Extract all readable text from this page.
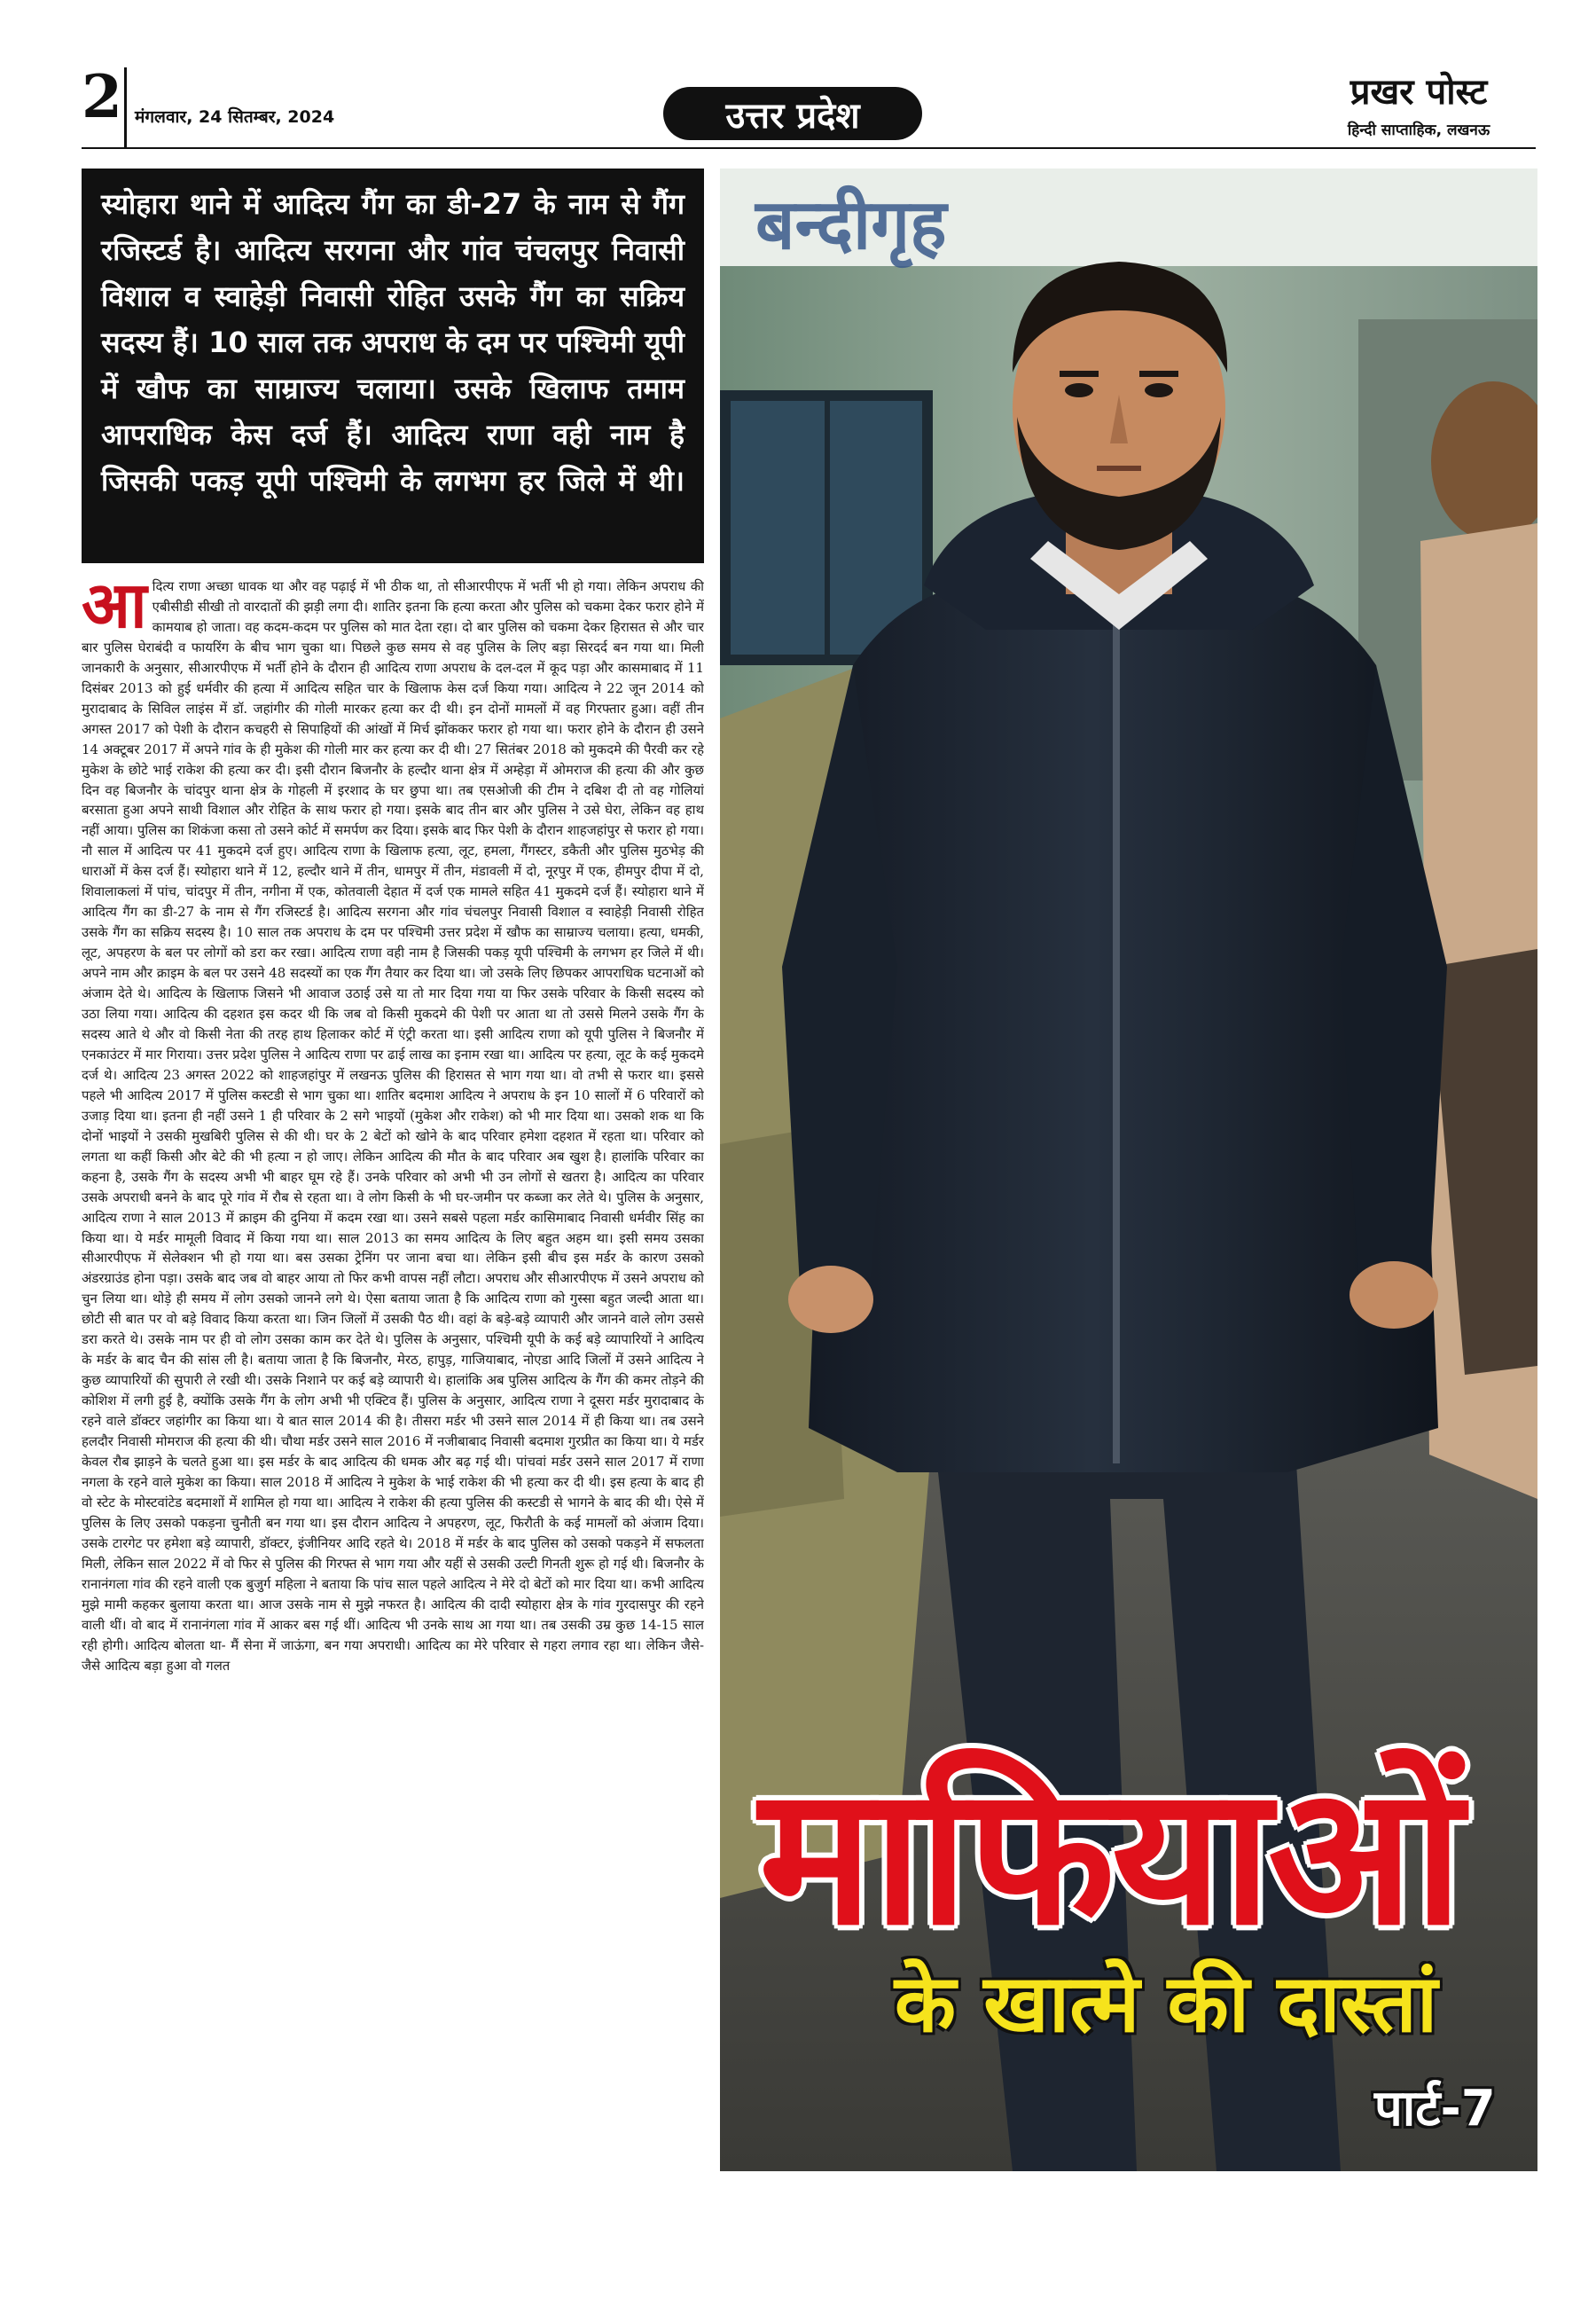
2 मंगलवार, 24 सितम्बर, 2024	उत्तर प्रदेश
प्रखर पोस्ट
हिन्दी साप्ताहिक, लखनऊ

स्योहारा थाने में आदित्य गैंग का डी-27 के नाम से गैंग रजिस्टर्ड है। आदित्य सरगना और गांव चंचलपुर निवासी विशाल व स्वाहेड़ी निवासी रोहित उसके गैंग का सक्रिय सदस्य हैं। 10 साल तक अपराध के दम पर पश्चिमी यूपी में खौफ का साम्राज्य चलाया। उसके खिलाफ तमाम आपराधिक केस दर्ज हैं। आदित्य राणा वही नाम है जिसकी पकड़ यूपी पश्चिमी के लगभग हर जिले में थी।

आ दित्य राणा अच्छा धावक था और वह पढ़ाई में भी ठीक था, तो सीआरपीएफ में भर्ती भी हो गया। लेकिन अपराध की एबीसीडी सीखी तो वारदातों की झड़ी लगा दी। शातिर इतना कि हत्या करता और पुलिस को चकमा देकर फरार होने में कामयाब हो जाता। वह कदम-कदम पर पुलिस को मात देता रहा। दो बार पुलिस को चकमा देकर हिरासत से और चार बार पुलिस घेराबंदी व फायरिंग के बीच भाग चुका था। पिछले कुछ समय से वह पुलिस के लिए बड़ा सिरदर्द बन गया था। मिली जानकारी के अनुसार, सीआरपीएफ में भर्ती होने के दौरान ही आदित्य राणा अपराध के दल-दल में कूद पड़ा और कासमाबाद में 11 दिसंबर 2013 को हुई धर्मवीर की हत्या में आदित्य सहित चार के खिलाफ केस दर्ज किया गया। आदित्य ने 22 जून 2014 को मुरादाबाद के सिविल लाइंस में डॉ. जहांगीर की गोली मारकर हत्या कर दी थी। इन दोनों मामलों में वह गिरफ्तार हुआ। वहीं तीन अगस्त 2017 को पेशी के दौरान कचहरी से सिपाहियों की आंखों में मिर्च झोंककर फरार हो गया था। फरार होने के दौरान ही उसने 14 अक्टूबर 2017 में अपने गांव के ही मुकेश की गोली मार कर हत्या कर दी थी। 27 सितंबर 2018 को मुकदमे की पैरवी कर रहे मुकेश के छोटे भाई राकेश की हत्या कर दी। इसी दौरान बिजनौर के हल्दौर थाना क्षेत्र में अम्हेड़ा में ओमराज की हत्या की और कुछ दिन वह बिजनौर के चांदपुर थाना क्षेत्र के गोहली में इरशाद के घर छुपा था। तब एसओजी की टीम ने दबिश दी तो वह गोलियां बरसाता हुआ अपने साथी विशाल और रोहित के साथ फरार हो गया। इसके बाद तीन बार और पुलिस ने उसे घेरा, लेकिन वह हाथ नहीं आया। पुलिस का शिकंजा कसा तो उसने कोर्ट में समर्पण कर दिया। इसके बाद फिर पेशी के दौरान शाहजहांपुर से फरार हो गया। नौ साल में आदित्य पर 41 मुकदमे दर्ज हुए। आदित्य राणा के खिलाफ हत्या, लूट, हमला, गैंगस्टर, डकैती और पुलिस मुठभेड़ की धाराओं में केस दर्ज हैं। स्योहारा थाने में 12, हल्दौर थाने में तीन, धामपुर में तीन, मंडावली में दो, नूरपुर में एक, हीमपुर दीपा में दो, शिवालाकलां में पांच, चांदपुर में तीन, नगीना में एक, कोतवाली देहात में दर्ज एक मामले सहित 41 मुकदमे दर्ज हैं। स्योहारा थाने में आदित्य गैंग का डी-27 के नाम से गैंग रजिस्टर्ड है। आदित्य सरगना और गांव चंचलपुर निवासी विशाल व स्वाहेड़ी निवासी रोहित उसके गैंग का सक्रिय सदस्य है। 10 साल तक अपराध के दम पर पश्चिमी उत्तर प्रदेश में खौफ का साम्राज्य चलाया। हत्या, धमकी, लूट, अपहरण के बल पर लोगों को डरा कर रखा। आदित्य राणा वही नाम है जिसकी पकड़ यूपी पश्चिमी के लगभग हर जिले में थी। अपने नाम और क्राइम के बल पर उसने 48 सदस्यों का एक गैंग तैयार कर दिया था। जो उसके लिए छिपकर आपराधिक घटनाओं को अंजाम देते थे। आदित्य के खिलाफ जिसने भी आवाज उठाई उसे या तो मार दिया गया या फिर उसके परिवार के किसी सदस्य को उठा लिया गया। आदित्य की दहशत इस कदर थी कि जब वो किसी मुकदमे की पेशी पर आता था तो उससे मिलने उसके गैंग के सदस्य आते थे और वो किसी नेता की तरह हाथ हिलाकर कोर्ट में एंट्री करता था। इसी आदित्य राणा को यूपी पुलिस ने बिजनौर में एनकाउंटर में मार गिराया। उत्तर प्रदेश पुलिस ने आदित्य राणा पर ढाई लाख का इनाम रखा था। आदित्य पर हत्या, लूट के कई मुकदमे दर्ज थे। आदित्य 23 अगस्त 2022 को शाहजहांपुर में लखनऊ पुलिस की हिरासत से भाग गया था। वो तभी से फरार था। इससे पहले भी आदित्य 2017 में पुलिस कस्टडी से भाग चुका था। शातिर बदमाश आदित्य ने अपराध के इन 10 सालों में 6 परिवारों को उजाड़ दिया था। इतना ही नहीं उसने 1 ही परिवार के 2 सगे भाइयों (मुकेश और राकेश) को भी मार दिया था। उसको शक था कि दोनों भाइयों ने उसकी मुखबिरी पुलिस से की थी। घर के 2 बेटों को खोने के बाद परिवार हमेशा दहशत में रहता था। परिवार को लगता था कहीं किसी और बेटे की भी हत्या न हो जाए। लेकिन आदित्य की मौत के बाद परिवार अब खुश है। हालांकि परिवार का कहना है, उसके गैंग के सदस्य अभी भी बाहर घूम रहे हैं। उनके परिवार को अभी भी उन लोगों से खतरा है। आदित्य का परिवार उसके अपराधी बनने के बाद पूरे गांव में रौब से रहता था। वे लोग किसी के भी घर-जमीन पर कब्जा कर लेते थे। पुलिस के अनुसार, आदित्य राणा ने साल 2013 में क्राइम की दुनिया में कदम रखा था। उसने सबसे पहला मर्डर कासिमाबाद निवासी धर्मवीर सिंह का किया था। ये मर्डर मामूली विवाद में किया गया था। साल 2013 का समय आदित्य के लिए बहुत अहम था। इसी समय उसका सीआरपीएफ में सेलेक्शन भी हो गया था। बस उसका ट्रेनिंग पर जाना बचा था। लेकिन इसी बीच इस मर्डर के कारण उसको अंडरग्राउंड होना पड़ा। उसके बाद जब वो बाहर आया तो फिर कभी वापस नहीं लौटा। अपराध और सीआरपीएफ में उसने अपराध को चुन लिया था। थोड़े ही समय में लोग उसको जानने लगे थे। ऐसा बताया जाता है कि आदित्य राणा को गुस्सा बहुत जल्दी आता था। छोटी सी बात पर वो बड़े विवाद किया करता था। जिन जिलों में उसकी पैठ थी। वहां के बड़े-बड़े व्यापारी और जानने वाले लोग उससे डरा करते थे। उसके नाम पर ही वो लोग उसका काम कर देते थे। पुलिस के अनुसार, पश्चिमी यूपी के कई बड़े व्यापारियों ने आदित्य के मर्डर के बाद चैन की सांस ली है। बताया जाता है कि बिजनौर, मेरठ, हापुड़, गाजियाबाद, नोएडा आदि जिलों में उसने आदित्य ने कुछ व्यापारियों की सुपारी ले रखी थी। उसके निशाने पर कई बड़े व्यापारी थे। हालांकि अब पुलिस आदित्य के गैंग की कमर तोड़ने की कोशिश में लगी हुई है, क्योंकि उसके गैंग के लोग अभी भी एक्टिव हैं। पुलिस के अनुसार, आदित्य राणा ने दूसरा मर्डर मुरादाबाद के रहने वाले डॉक्टर जहांगीर का किया था। ये बात साल 2014 की है। तीसरा मर्डर भी उसने साल 2014 में ही किया था। तब उसने हलदौर निवासी मोमराज की हत्या की थी। चौथा मर्डर उसने साल 2016 में नजीबाबाद निवासी बदमाश गुरप्रीत का किया था। ये मर्डर केवल रौब झाड़ने के चलते हुआ था। इस मर्डर के बाद आदित्य की धमक और बढ़ गई थी। पांचवां मर्डर उसने साल 2017 में राणा नगला के रहने वाले मुकेश का किया। साल 2018 में आदित्य ने मुकेश के भाई राकेश की भी हत्या कर दी थी। इस हत्या के बाद ही वो स्टेट के मोस्टवांटेड बदमाशों में शामिल हो गया था। आदित्य ने राकेश की हत्या पुलिस की कस्टडी से भागने के बाद की थी। ऐसे में पुलिस के लिए उसको पकड़ना चुनौती बन गया था। इस दौरान आदित्य ने अपहरण, लूट, फिरौती के कई मामलों को अंजाम दिया। उसके टारगेट पर हमेशा बड़े व्यापारी, डॉक्टर, इंजीनियर आदि रहते थे। 2018 में मर्डर के बाद पुलिस को उसको पकड़ने में सफलता मिली, लेकिन साल 2022 में वो फिर से पुलिस की गिरफ्त से भाग गया और यहीं से उसकी उल्टी गिनती शुरू हो गई थी। बिजनौर के रानानंगला गांव की रहने वाली एक बुजुर्ग महिला ने बताया कि पांच साल पहले आदित्य ने मेरे दो बेटों को मार दिया था। कभी आदित्य मुझे मामी कहकर बुलाया करता था। आज उसके नाम से मुझे नफरत है। आदित्य की दादी स्योहारा क्षेत्र के गांव गुरदासपुर की रहने वाली थीं। वो बाद में रानानंगला गांव में आकर बस गई थीं। आदित्य भी उनके साथ आ गया था। तब उसकी उम्र कुछ 14-15 साल रही होगी। आदित्य बोलता था- मैं सेना में जाऊंगा, बन गया अपराधी। आदित्य का मेरे परिवार से गहरा लगाव रहा था। लेकिन जैसे-जैसे आदित्य बड़ा हुआ वो गलत

बन्दीगृह
माफियाओं
के खात्मे की दास्तां
पार्ट-7
